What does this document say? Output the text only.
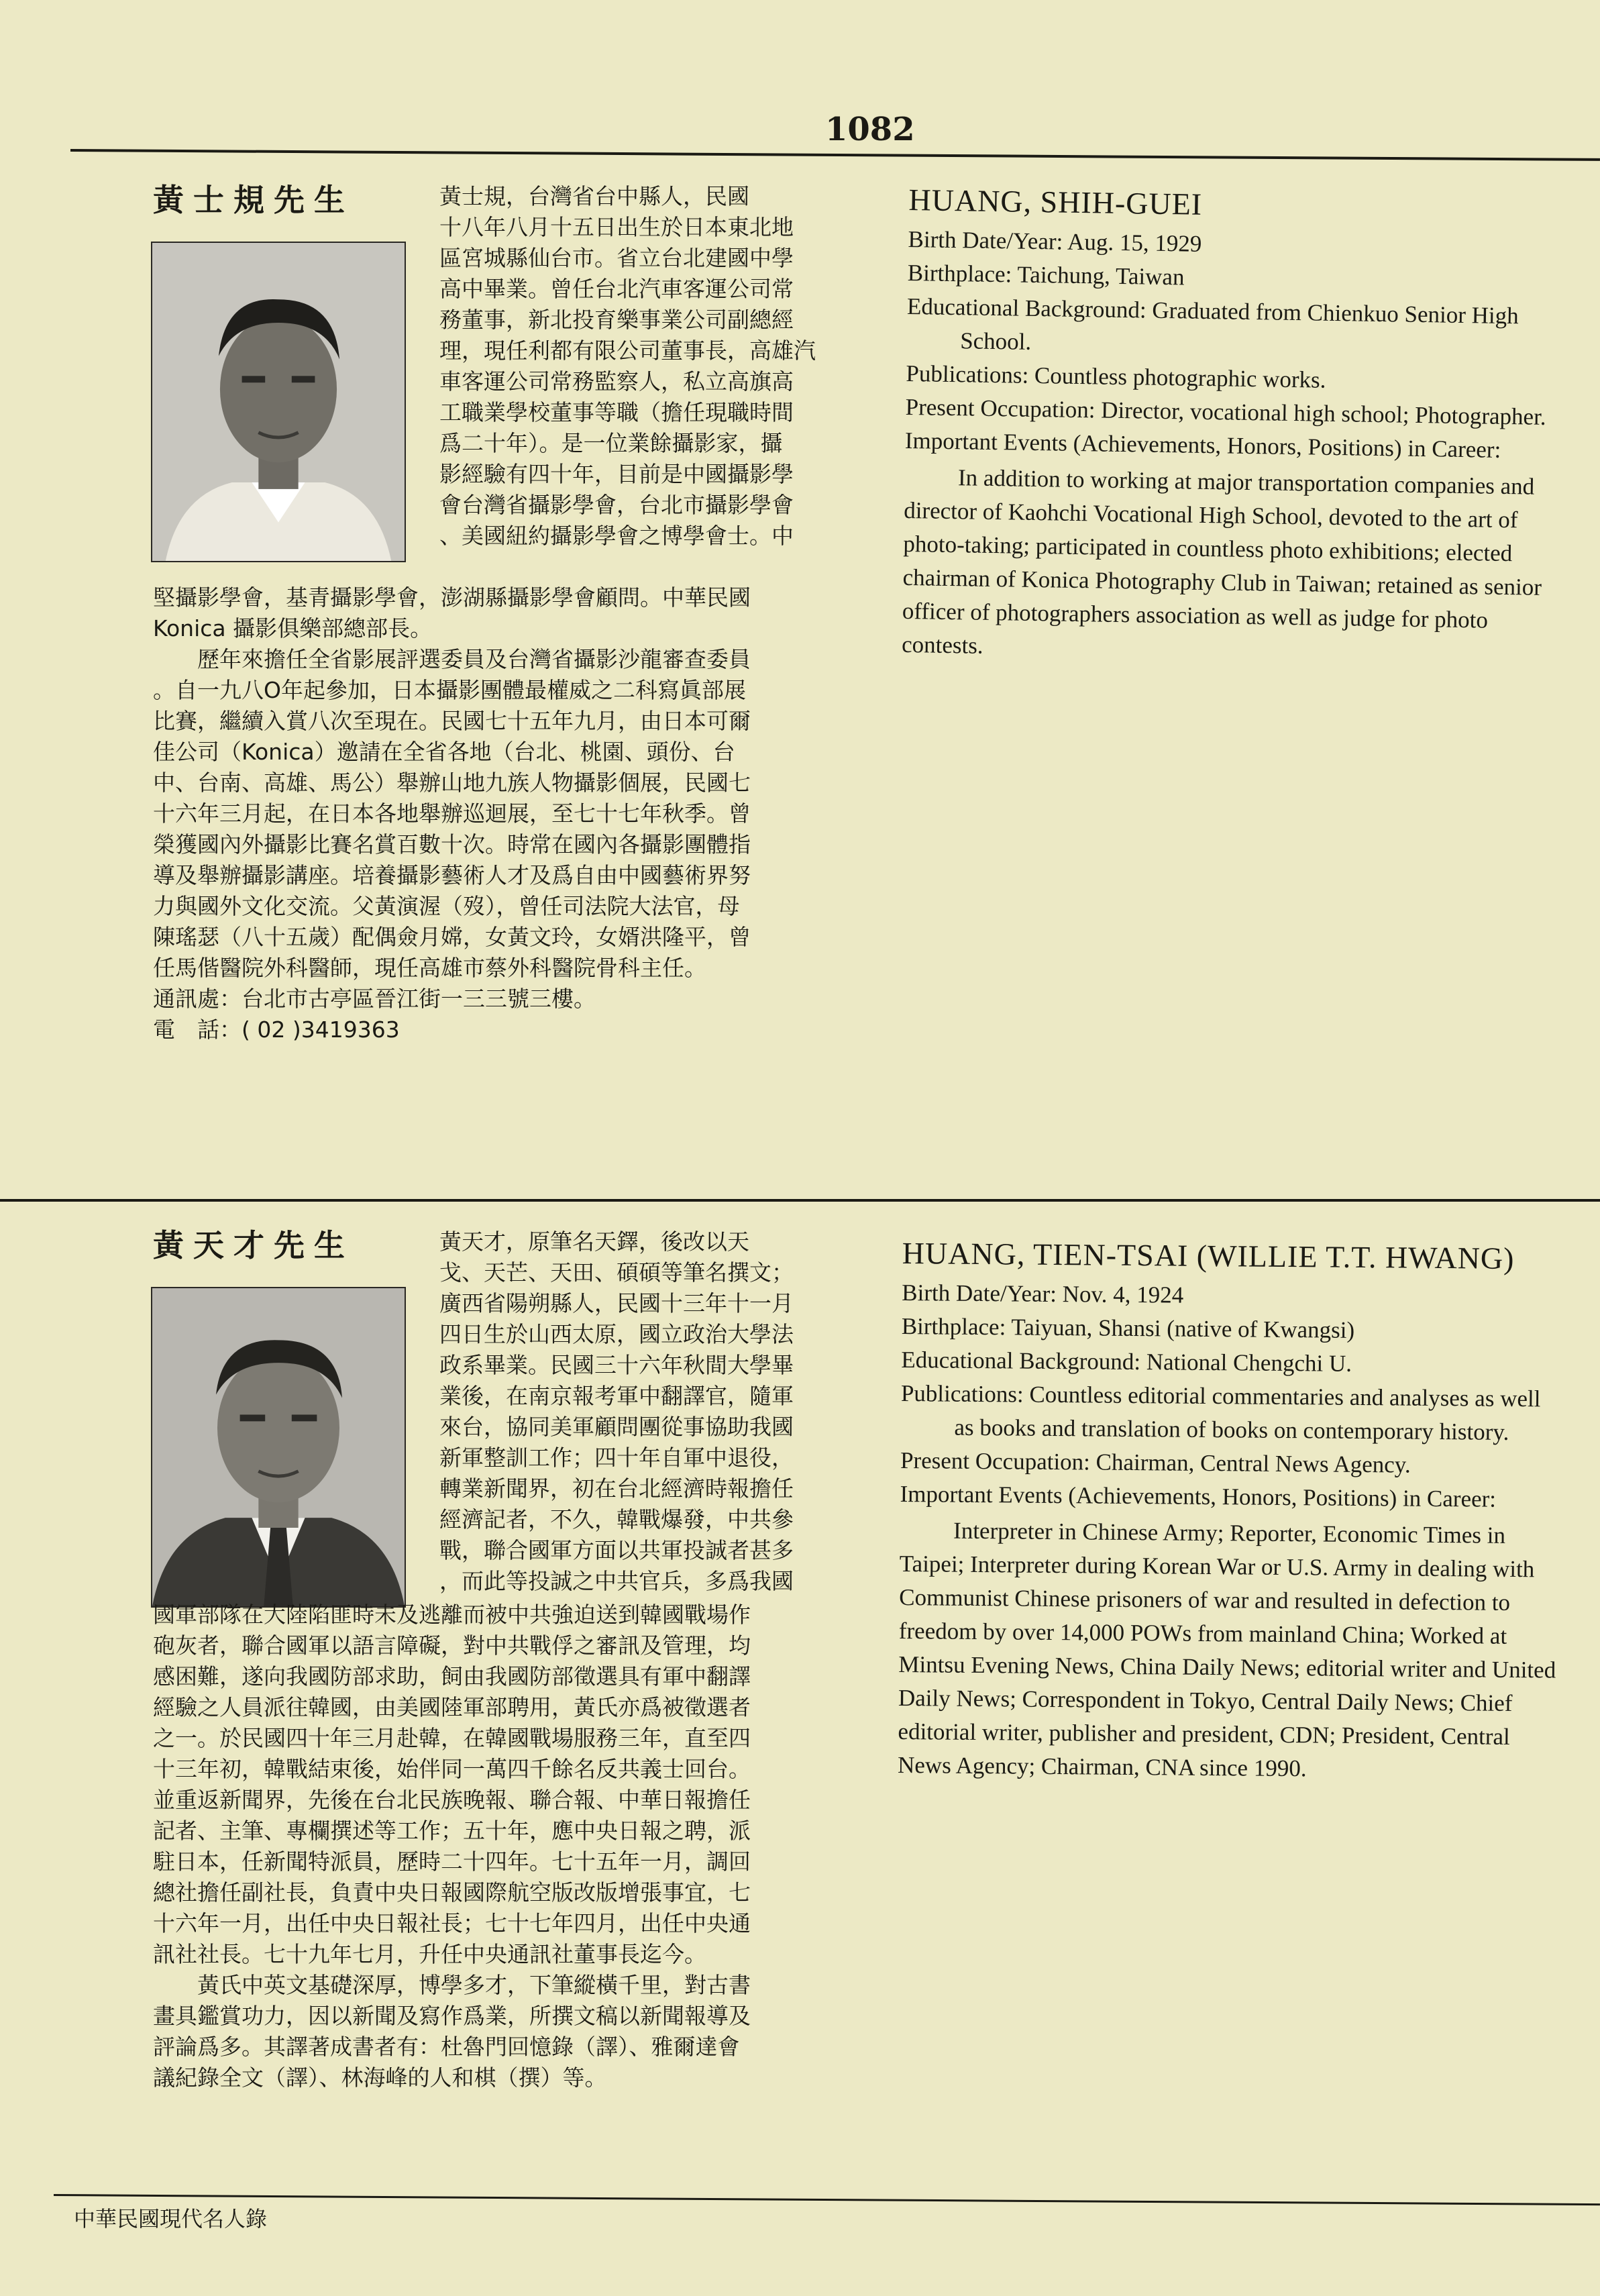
1082
黃士規先生	黃士規，台灣省台中縣人，民國
十八年八月十五日出生於日本東北地
區宮城縣仙台市。省立台北建國中學
高中畢業。曾任台北汽車客運公司常
務董事，新北投育樂事業公司副總經
理，現任利都有限公司董事長，高雄汽
車客運公司常務監察人，私立高旗高
工職業學校董事等職（擔任現職時間
爲二十年）。是一位業餘攝影家，攝
影經驗有四十年，目前是中國攝影學
會台灣省攝影學會，台北市攝影學會
、美國紐約攝影學會之博學會士。中

堅攝影學會，基青攝影學會，澎湖縣攝影學會顧問。中華民國
Konica 攝影俱樂部總部長。
　　歷年來擔任全省影展評選委員及台灣省攝影沙龍審查委員
。自一九八O年起參加，日本攝影團體最權威之二科寫眞部展
比賽，繼續入賞八次至現在。民國七十五年九月，由日本可爾
佳公司（Konica）邀請在全省各地（台北、桃園、頭份、台
中、台南、高雄、馬公）舉辦山地九族人物攝影個展，民國七
十六年三月起，在日本各地舉辦巡迴展，至七十七年秋季。曾
榮獲國內外攝影比賽名賞百數十次。時常在國內各攝影團體指
導及舉辦攝影講座。培養攝影藝術人才及爲自由中國藝術界努
力與國外文化交流。父黃演渥（歿），曾任司法院大法官，母
陳瑤瑟（八十五歲）配偶僉月嫦，女黃文玲，女婿洪隆平，曾
任馬偕醫院外科醫師，現任高雄市蔡外科醫院骨科主任。
通訊處：台北市古亭區晉江街一三三號三樓。
電　話：( 02 )3419363

HUANG, SHIH-GUEI

Birth Date/Year: Aug. 15, 1929

Birthplace: Taichung, Taiwan

Educational Background: Graduated from Chienkuo Senior High School.

Publications: Countless photographic works.

Present Occupation: Director, vocational high school; Photographer.

Important Events (Achievements, Honors, Positions) in Career:

In addition to working at major transportation companies and director of Kaohchi Vocational High School, devoted to the art of photo-taking; participated in countless photo exhibitions; elected chairman of Konica Photography Club in Taiwan; retained as senior officer of photographers association as well as judge for photo contests.

黃天才先生	黃天才，原筆名天鐸，後改以天
戈、天芒、天田、碩碩等筆名撰文；
廣西省陽朔縣人，民國十三年十一月
四日生於山西太原，國立政治大學法
政系畢業。民國三十六年秋間大學畢
業後，在南京報考軍中翻譯官，隨軍
來台，協同美軍顧問團從事協助我國
新軍整訓工作；四十年自軍中退役，
轉業新聞界，初在台北經濟時報擔任
經濟記者，不久，韓戰爆發，中共參
戰，聯合國軍方面以共軍投誠者甚多
，而此等投誠之中共官兵，多爲我國

國軍部隊在大陸陷匪時未及逃離而被中共強迫送到韓國戰場作
砲灰者，聯合國軍以語言障礙，對中共戰俘之審訊及管理，均
感困難，遂向我國防部求助，飼由我國防部徵選具有軍中翻譯
經驗之人員派往韓國，由美國陸軍部聘用，黃氏亦爲被徵選者
之一。於民國四十年三月赴韓，在韓國戰場服務三年，直至四
十三年初，韓戰結束後，始伴同一萬四千餘名反共義士回台。
並重返新聞界，先後在台北民族晚報、聯合報、中華日報擔任
記者、主筆、專欄撰述等工作；五十年，應中央日報之聘，派
駐日本，任新聞特派員，歷時二十四年。七十五年一月，調回
總社擔任副社長，負責中央日報國際航空版改版增張事宜，七
十六年一月，出任中央日報社長；七十七年四月，出任中央通
訊社社長。七十九年七月，升任中央通訊社董事長迄今。
　　黃氏中英文基礎深厚，博學多才，下筆縱橫千里，對古書
畫具鑑賞功力，因以新聞及寫作爲業，所撰文稿以新聞報導及
評論爲多。其譯著成書者有：杜魯門回憶錄（譯）、雅爾達會
議紀錄全文（譯）、林海峰的人和棋（撰）等。

HUANG, TIEN-TSAI (WILLIE T.T. HWANG)

Birth Date/Year: Nov. 4, 1924

Birthplace: Taiyuan, Shansi (native of Kwangsi)

Educational Background: National Chengchi U.

Publications: Countless editorial commentaries and analyses as well as books and translation of books on contemporary history.

Present Occupation: Chairman, Central News Agency.

Important Events (Achievements, Honors, Positions) in Career:

Interpreter in Chinese Army; Reporter, Economic Times in Taipei; Interpreter during Korean War or U.S. Army in dealing with Communist Chinese prisoners of war and resulted in defection to freedom by over 14,000 POWs from mainland China; Worked at Mintsu Evening News, China Daily News; editorial writer and United Daily News; Correspondent in Tokyo, Central Daily News; Chief editorial writer, publisher and president, CDN; President, Central News Agency; Chairman, CNA since 1990.

中華民國現代名人錄
